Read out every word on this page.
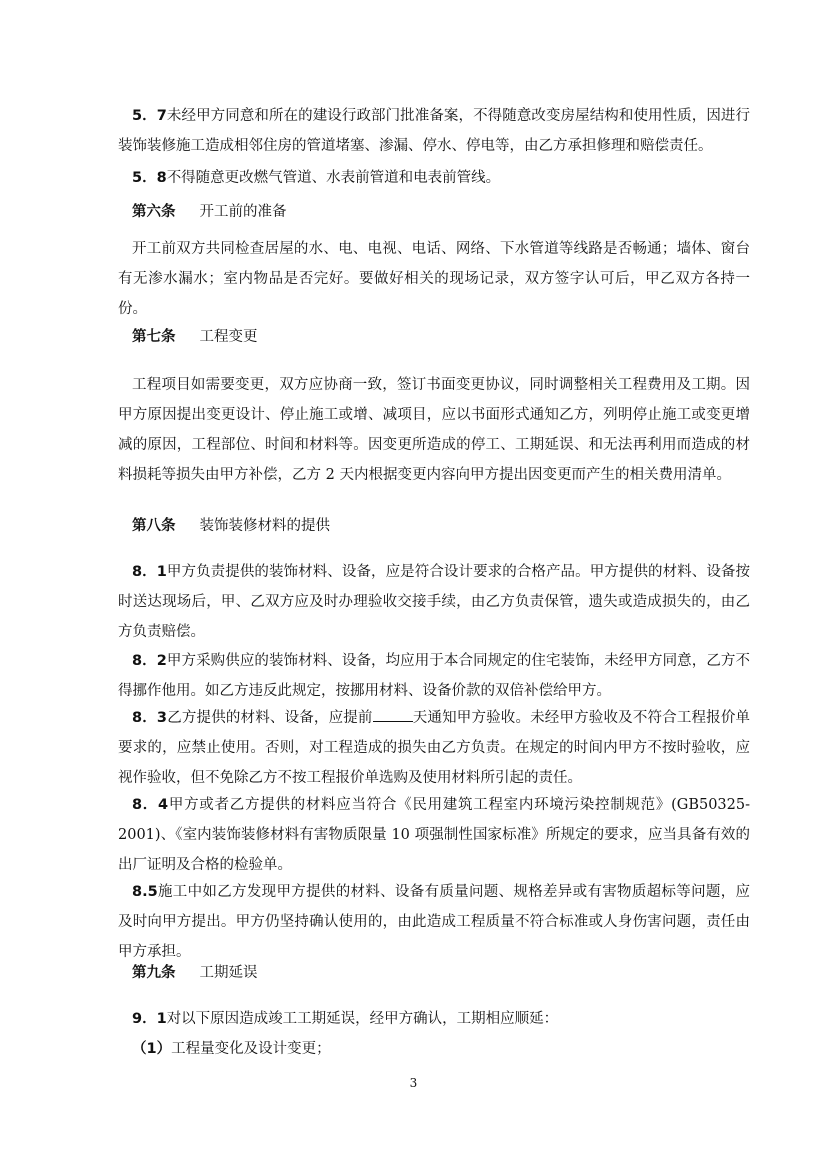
5．7未经甲方同意和所在的建设行政部门批准备案，不得随意改变房屋结构和使用性质，因进行装饰装修施工造成相邻住房的管道堵塞、渗漏、停水、停电等，由乙方承担修理和赔偿责任。

5．8不得随意更改燃气管道、水表前管道和电表前管线。

第六条 开工前的准备

开工前双方共同检查居屋的水、电、电视、电话、网络、下水管道等线路是否畅通；墙体、窗台有无渗水漏水；室内物品是否完好。要做好相关的现场记录，双方签字认可后，甲乙双方各持一份。

第七条 工程变更

工程项目如需要变更，双方应协商一致，签订书面变更协议，同时调整相关工程费用及工期。因甲方原因提出变更设计、停止施工或增、减项目，应以书面形式通知乙方，列明停止施工或变更增减的原因，工程部位、时间和材料等。因变更所造成的停工、工期延误、和无法再利用而造成的材料损耗等损失由甲方补偿，乙方 2 天内根据变更内容向甲方提出因变更而产生的相关费用清单。

第八条 装饰装修材料的提供

8．1甲方负责提供的装饰材料、设备，应是符合设计要求的合格产品。甲方提供的材料、设备按时送达现场后，甲、乙双方应及时办理验收交接手续，由乙方负责保管，遗失或造成损失的，由乙方负责赔偿。

8．2甲方采购供应的装饰材料、设备，均应用于本合同规定的住宅装饰，未经甲方同意，乙方不得挪作他用。如乙方违反此规定，按挪用材料、设备价款的双倍补偿给甲方。

8．3乙方提供的材料、设备，应提前	天通知甲方验收。未经甲方验收及不符合工程报价单要求的，应禁止使用。否则，对工程造成的损失由乙方负责。在规定的时间内甲方不按时验收，应视作验收，但不免除乙方不按工程报价单选购及使用材料所引起的责任。

8．4甲方或者乙方提供的材料应当符合《民用建筑工程室内环境污染控制规范》(GB50325-2001)、《室内装饰装修材料有害物质限量 10 项强制性国家标准》所规定的要求，应当具备有效的出厂证明及合格的检验单。

8.5施工中如乙方发现甲方提供的材料、设备有质量问题、规格差异或有害物质超标等问题，应及时向甲方提出。甲方仍坚持确认使用的，由此造成工程质量不符合标准或人身伤害问题，责任由甲方承担。

第九条 工期延误

9．1对以下原因造成竣工工期延误，经甲方确认，工期相应顺延：

（1）工程量变化及设计变更；

3
